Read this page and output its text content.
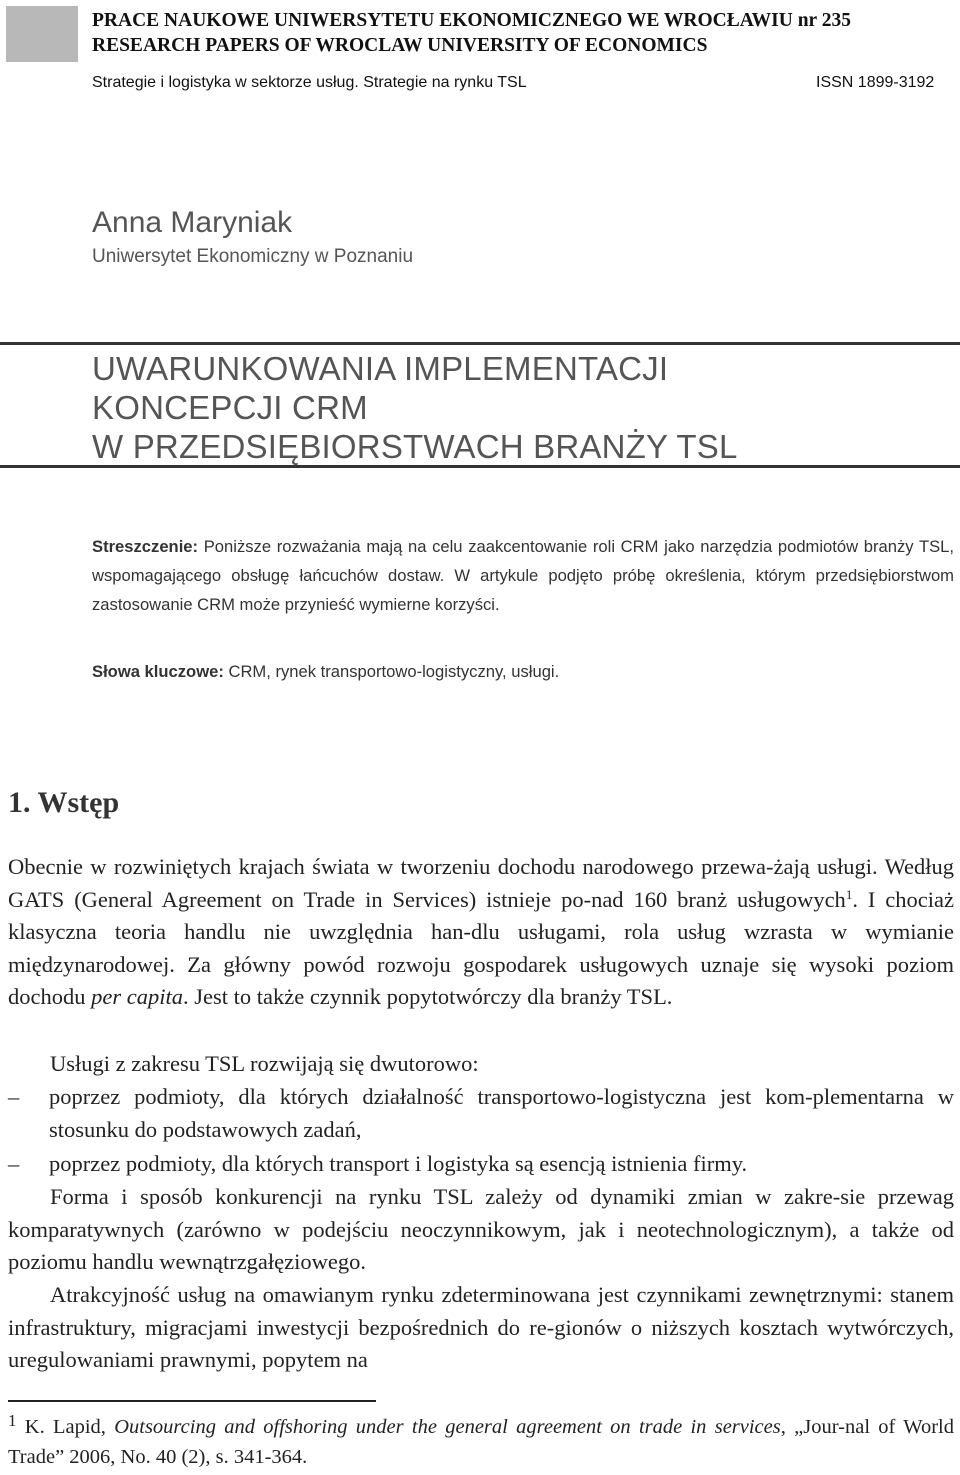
PRACE NAUKOWE UNIWERSYTETU EKONOMICZNEGO WE WROCŁAWIU nr 235
RESEARCH PAPERS OF WROCLAW UNIVERSITY OF ECONOMICS
Strategie i logistyka w sektorze usług. Strategie na rynku TSL	ISSN 1899-3192
Anna Maryniak
Uniwersytet Ekonomiczny w Poznaniu
UWARUNKOWANIA IMPLEMENTACJI
KONCEPCJI CRM
W PRZEDSIĘBIORSTWACH BRANŻY TSL

Streszczenie: Poniższe rozważania mają na celu zaakcentowanie roli CRM jako narzędzia podmiotów branży TSL, wspomagającego obsługę łańcuchów dostaw. W artykule podjęto próbę określenia, którym przedsiębiorstwom zastosowanie CRM może przynieść wymierne korzyści.

Słowa kluczowe: CRM, rynek transportowo-logistyczny, usługi.
1. Wstęp

Obecnie w rozwiniętych krajach świata w tworzeniu dochodu narodowego przewa-żają usługi. Według GATS (General Agreement on Trade in Services) istnieje po-nad 160 branż usługowych$^1$. I chociaż klasyczna teoria handlu nie uwzględnia han-dlu usługami, rola usług wzrasta w wymianie międzynarodowej. Za główny powód rozwoju gospodarek usługowych uznaje się wysoki poziom dochodu per capita. Jest to także czynnik popytotwórczy dla branży TSL.

Usługi z zakresu TSL rozwijają się dwutorowo:

– poprzez podmioty, dla których działalność transportowo-logistyczna jest kom-plementarna w stosunku do podstawowych zadań,

– poprzez podmioty, dla których transport i logistyka są esencją istnienia firmy.

Forma i sposób konkurencji na rynku TSL zależy od dynamiki zmian w zakre-sie przewag komparatywnych (zarówno w podejściu neoczynnikowym, jak i neotechnologicznym), a także od poziomu handlu wewnątrzgałęziowego.

Atrakcyjność usług na omawianym rynku zdeterminowana jest czynnikami zewnętrznymi: stanem infrastruktury, migracjami inwestycji bezpośrednich do re-gionów o niższych kosztach wytwórczych, uregulowaniami prawnymi, popytem na

$^1$ K. Lapid, Outsourcing and offshoring under the general agreement on trade in services, „Jour-nal of World Trade” 2006, No. 40 (2), s. 341-364.
